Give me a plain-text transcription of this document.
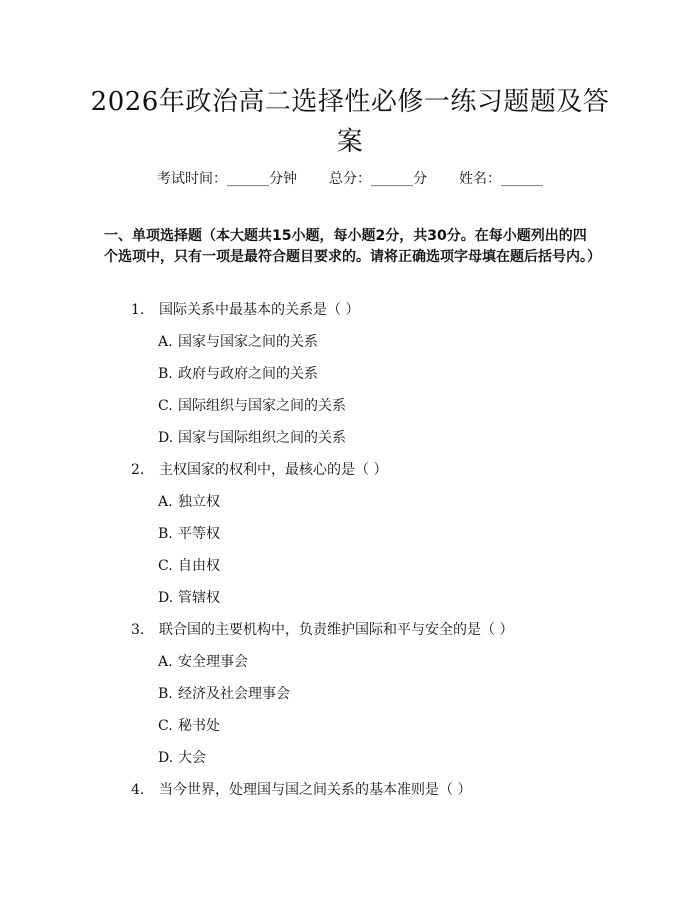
2026年政治高二选择性必修一练习题题及答案
考试时间：______分钟 总分：______分 姓名：______
一、单项选择题（本大题共15小题，每小题2分，共30分。在每小题列出的四个选项中，只有一项是最符合题目要求的。请将正确选项字母填在题后括号内。）
1. 国际关系中最基本的关系是（ ）
A. 国家与国家之间的关系
B. 政府与政府之间的关系
C. 国际组织与国家之间的关系
D. 国家与国际组织之间的关系
2. 主权国家的权利中，最核心的是（ ）
A. 独立权
B. 平等权
C. 自由权
D. 管辖权
3. 联合国的主要机构中，负责维护国际和平与安全的是（ ）
A. 安全理事会
B. 经济及社会理事会
C. 秘书处
D. 大会
4. 当今世界，处理国与国之间关系的基本准则是（ ）
